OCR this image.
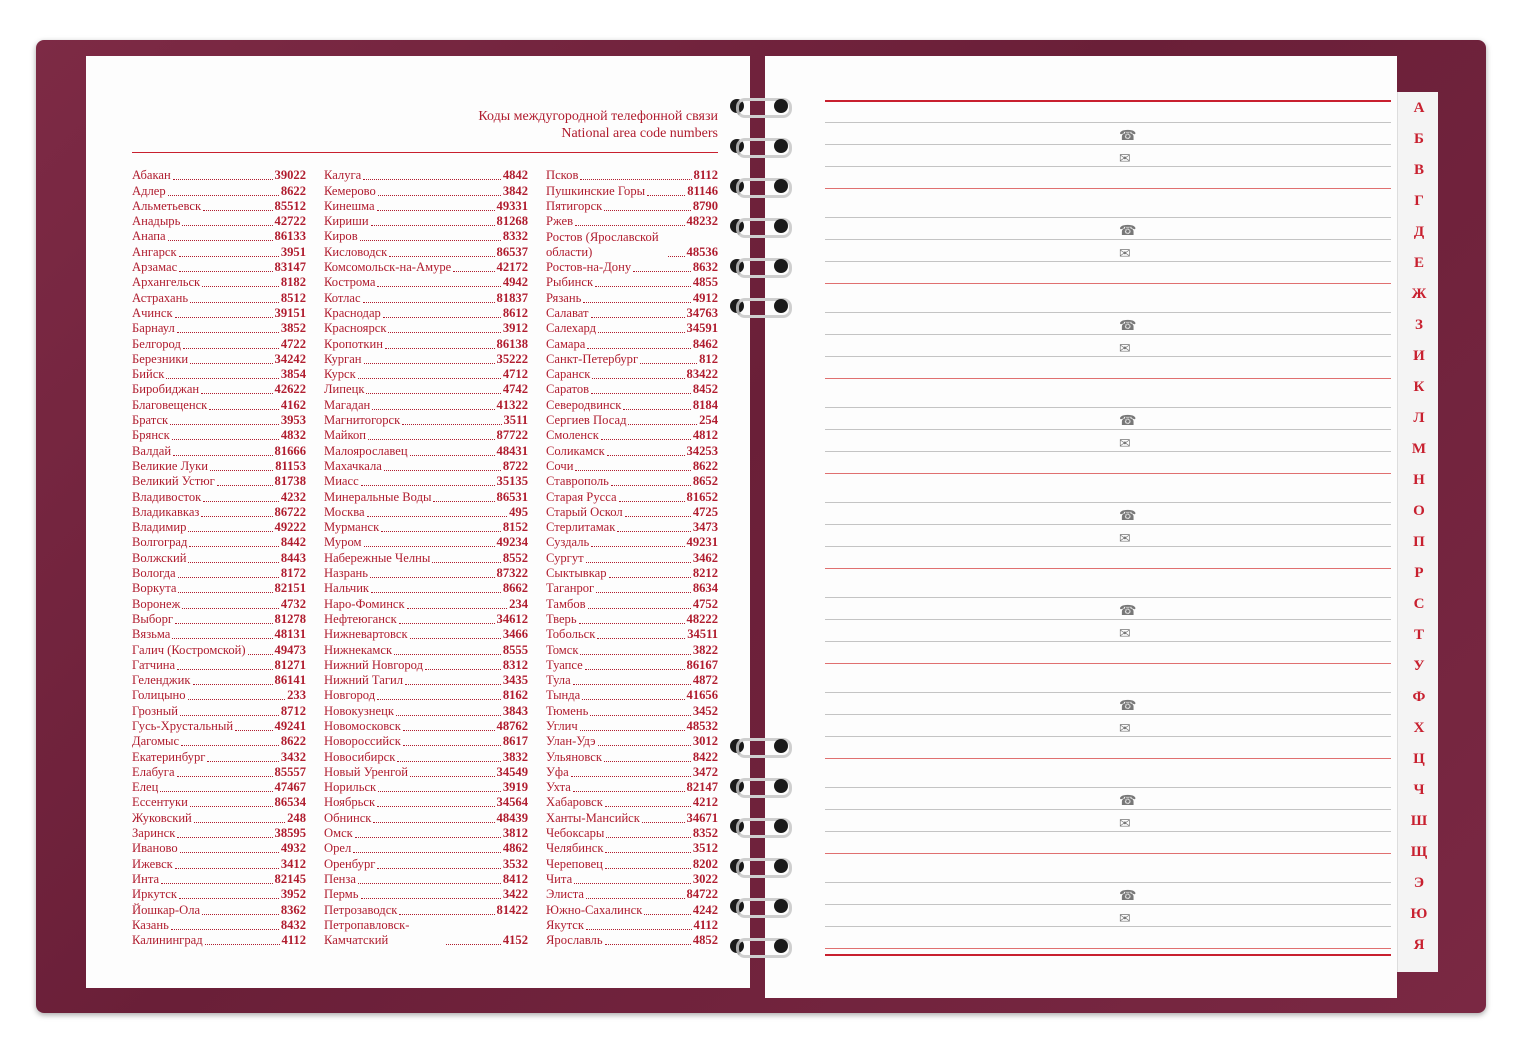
Коды междугородной телефонной связи
National area code numbers
Абакан	39022
Адлер	8622
Альметьевск	85512
Анадырь	42722
Анапа	86133
Ангарск	3951
Арзамас	83147
Архангельск	8182
Астрахань	8512
Ачинск	39151
Барнаул	3852
Белгород	4722
Березники	34242
Бийск	3854
Биробиджан	42622
Благовещенск	4162
Братск	3953
Брянск	4832
Валдай	81666
Великие Луки	81153
Великий Устюг	81738
Владивосток	4232
Владикавказ	86722
Владимир	49222
Волгоград	8442
Волжский	8443
Вологда	8172
Воркута	82151
Воронеж	4732
Выборг	81278
Вязьма	48131
Галич (Костромской) 49473
Гатчина	81271
Геленджик	86141
Голицыно	233
Грозный	8712
Гусь-Хрустальный	49241
Дагомыс	8622
Екатеринбург	3432
Елабуга	85557
Елец	47467
Ессентуки	86534
Жуковский	248
Заринск	38595
Иваново	4932
Ижевск	3412
Инта	82145
Иркутск	3952
Йошкар-Ола	8362
Казань	8432
Калининград	4112
Калуга	4842
Кемерово	3842
Кинешма	49331
Кириши	81268
Киров	8332
Кисловодск	86537
Комсомольск-на-Амуре	42172
Кострома	4942
Котлас	81837
Краснодар	8612
Красноярск	3912
Кропоткин	86138
Курган	35222
Курск	4712
Липецк	4742
Магадан	41322
Магнитогорск	3511
Майкоп	87722
Малоярославец	48431
Махачкала	8722
Миасс	35135
Минеральные Воды	86531
Москва	495
Мурманск	8152
Муром	49234
Набережные Челны	8552
Назрань	87322
Нальчик	8662
Наро-Фоминск	234
Нефтеюганск	34612
Нижневартовск	3466
Нижнекамск	8555
Нижний Новгород	8312
Нижний Тагил	3435
Новгород	8162
Новокузнецк	3843
Новомосковск	48762
Новороссийск	8617
Новосибирск	3832
Новый Уренгой	34549
Норильск	3919
Ноябрьск	34564
Обнинск	48439
Омск	3812
Орел	4862
Оренбург	3532
Пенза	8412
Пермь	3422
Петрозаводск	81422
Петропавловск-Камчатский	4152
Псков	8112
Пушкинские Горы	81146
Пятигорск	8790
Ржев	48232
Ростов (Ярославской области)	48536
Ростов-на-Дону	8632
Рыбинск	4855
Рязань	4912
Салават	34763
Салехард	34591
Самара	8462
Санкт-Петербург	812
Саранск	83422
Саратов	8452
Северодвинск	8184
Сергиев Посад	254
Смоленск	4812
Соликамск	34253
Сочи	8622
Ставрополь	8652
Старая Русса	81652
Старый Оскол	4725
Стерлитамак	3473
Суздаль	49231
Сургут	3462
Сыктывкар	8212
Таганрог	8634
Тамбов	4752
Тверь	48222
Тобольск	34511
Томск	3822
Туапсе	86167
Тула	4872
Тында	41656
Тюмень	3452
Углич	48532
Улан-Удэ	3012
Ульяновск	8422
Уфа	3472
Ухта	82147
Хабаровск	4212
Ханты-Мансийск	34671
Чебоксары	8352
Челябинск	3512
Череповец	8202
Чита	3022
Элиста	84722
Южно-Сахалинск	4242
Якутск	4112
Ярославль	4852
☎
✉
☎
✉
☎
✉
☎
✉
☎
✉
☎
✉
☎
✉
☎
✉
☎
✉
А
Б
В
Г
Д
Е
Ж
З
И
К
Л
М
Н
О
П
Р
С
Т
У
Ф
Х
Ц
Ч
Ш
Щ
Э
Ю
Я
